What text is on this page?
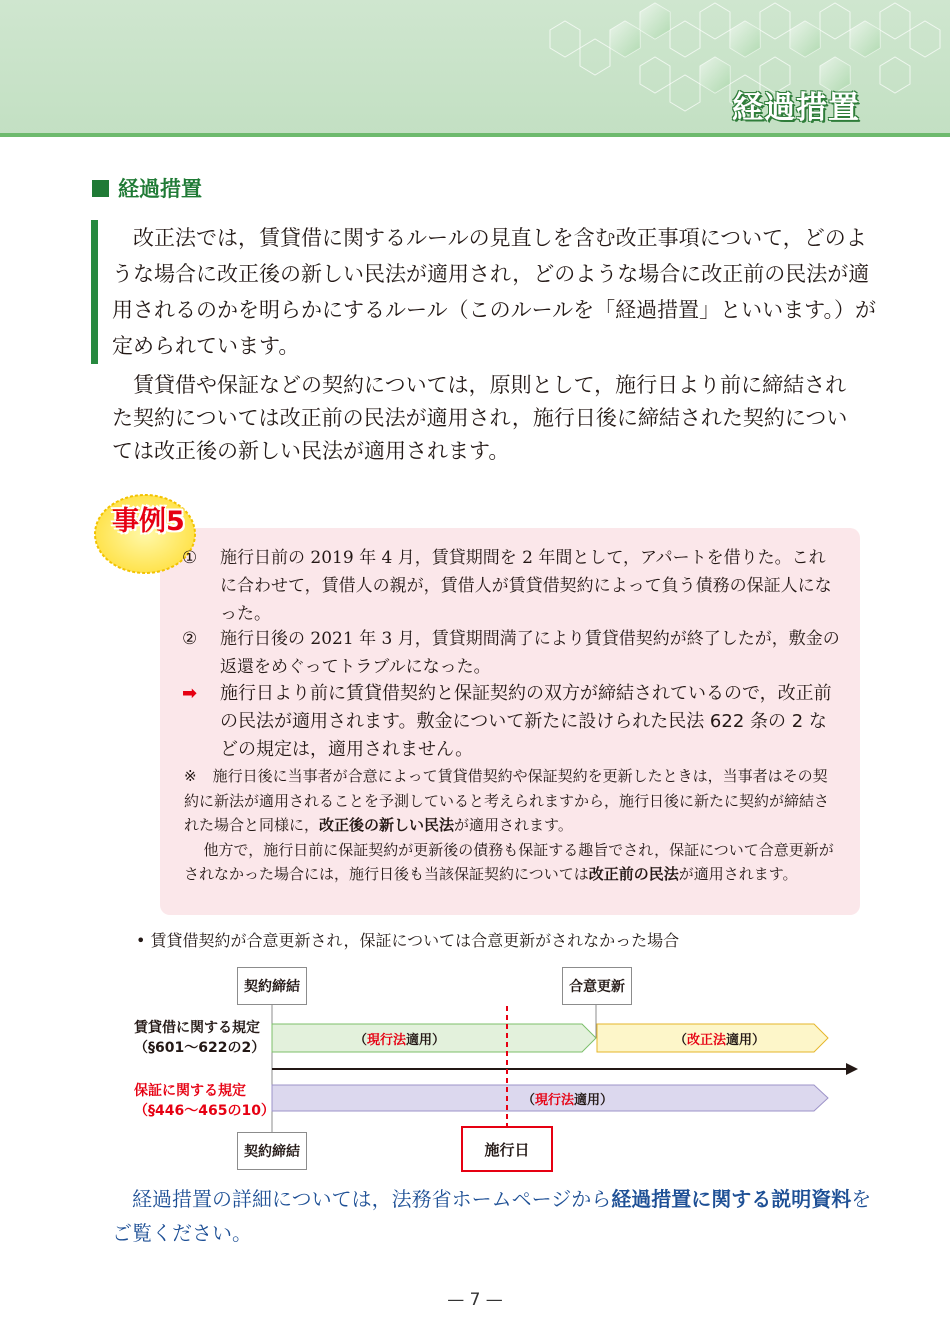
経過措置
経過措置
改正法では，賃貸借に関するルールの見直しを含む改正事項について，どのような場合に改正後の新しい民法が適用され，どのような場合に改正前の民法が適用されるのかを明らかにするルール（このルールを「経過措置」といいます。）が定められています。
賃貸借や保証などの契約については，原則として，施行日より前に締結された契約については改正前の民法が適用され，施行日後に締結された契約については改正後の新しい民法が適用されます。
事例5
①	施行日前の 2019 年 4 月，賃貸期間を 2 年間として，アパートを借りた。これに合わせて，賃借人の親が，賃借人が賃貸借契約によって負う債務の保証人になった。
②	施行日後の 2021 年 3 月，賃貸期間満了により賃貸借契約が終了したが，敷金の返還をめぐってトラブルになった。
➡	施行日より前に賃貸借契約と保証契約の双方が締結されているので，改正前の民法が適用されます。敷金について新たに設けられた民法 622 条の 2 などの規定は，適用されません。
※ 施行日後に当事者が合意によって賃貸借契約や保証契約を更新したときは，当事者はその契約に新法が適用されることを予測していると考えられますから，施行日後に新たに契約が締結された場合と同様に，改正後の新しい民法が適用されます。
他方で，施行日前に保証契約が更新後の債務も保証する趣旨でされ，保証について合意更新がされなかった場合には，施行日後も当該保証契約については改正前の民法が適用されます。
• 賃貸借契約が合意更新され，保証については合意更新がされなかった場合
契約締結	合意更新
契約締結	施行日
賃貸借に関する規定
（§601〜622の2）
保証に関する規定
（§446〜465の10）
（現行法適用）	（改正法適用）
（現行法適用）
経過措置の詳細については，法務省ホームページから経過措置に関する説明資料をご覧ください。
— 7 —
